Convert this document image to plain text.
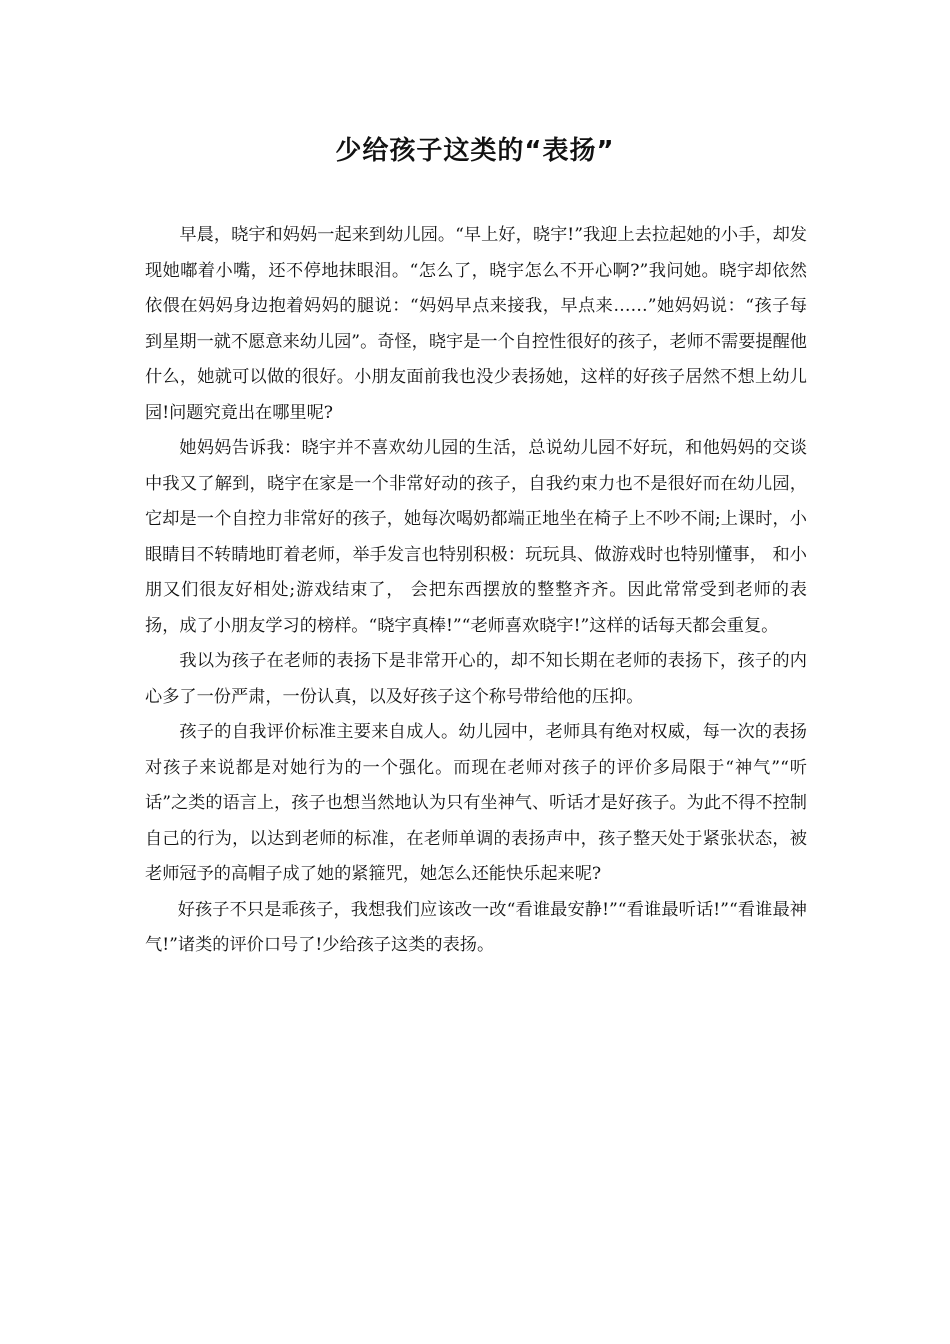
少给孩子这类的“表扬”

早晨，晓宇和妈妈一起来到幼儿园。“早上好，晓宇!”我迎上去拉起她的小手，却发现她嘟着小嘴，还不停地抹眼泪。“怎么了，晓宇怎么不开心啊?”我问她。晓宇却依然依偎在妈妈身边抱着妈妈的腿说：“妈妈早点来接我，早点来……”她妈妈说：“孩子每到星期一就不愿意来幼儿园”。奇怪，晓宇是一个自控性很好的孩子，老师不需要提醒他什么，她就可以做的很好。小朋友面前我也没少表扬她，这样的好孩子居然不想上幼儿园!问题究竟出在哪里呢?

她妈妈告诉我：晓宇并不喜欢幼儿园的生活，总说幼儿园不好玩，和他妈妈的交谈中我又了解到，晓宇在家是一个非常好动的孩子，自我约束力也不是很好而在幼儿园，它却是一个自控力非常好的孩子，她每次喝奶都端正地坐在椅子上不吵不闹;上课时，小眼睛目不转睛地盯着老师，举手发言也特别积极：玩玩具、做游戏时也特别懂事， 和小朋又们很友好相处;游戏结束了， 会把东西摆放的整整齐齐。因此常常受到老师的表扬，成了小朋友学习的榜样。“晓宇真棒!”“老师喜欢晓宇!”这样的话每天都会重复。

我以为孩子在老师的表扬下是非常开心的，却不知长期在老师的表扬下，孩子的内心多了一份严肃，一份认真，以及好孩子这个称号带给他的压抑。

孩子的自我评价标准主要来自成人。幼儿园中，老师具有绝对权威，每一次的表扬对孩子来说都是对她行为的一个强化。而现在老师对孩子的评价多局限于“神气”“听话”之类的语言上，孩子也想当然地认为只有坐神气、听话才是好孩子。为此不得不控制自己的行为，以达到老师的标准，在老师单调的表扬声中，孩子整天处于紧张状态，被老师冠予的高帽子成了她的紧箍咒，她怎么还能快乐起来呢?

好孩子不只是乖孩子，我想我们应该改一改“看谁最安静!”“看谁最听话!”“看谁最神气!”诸类的评价口号了!少给孩子这类的表扬。
